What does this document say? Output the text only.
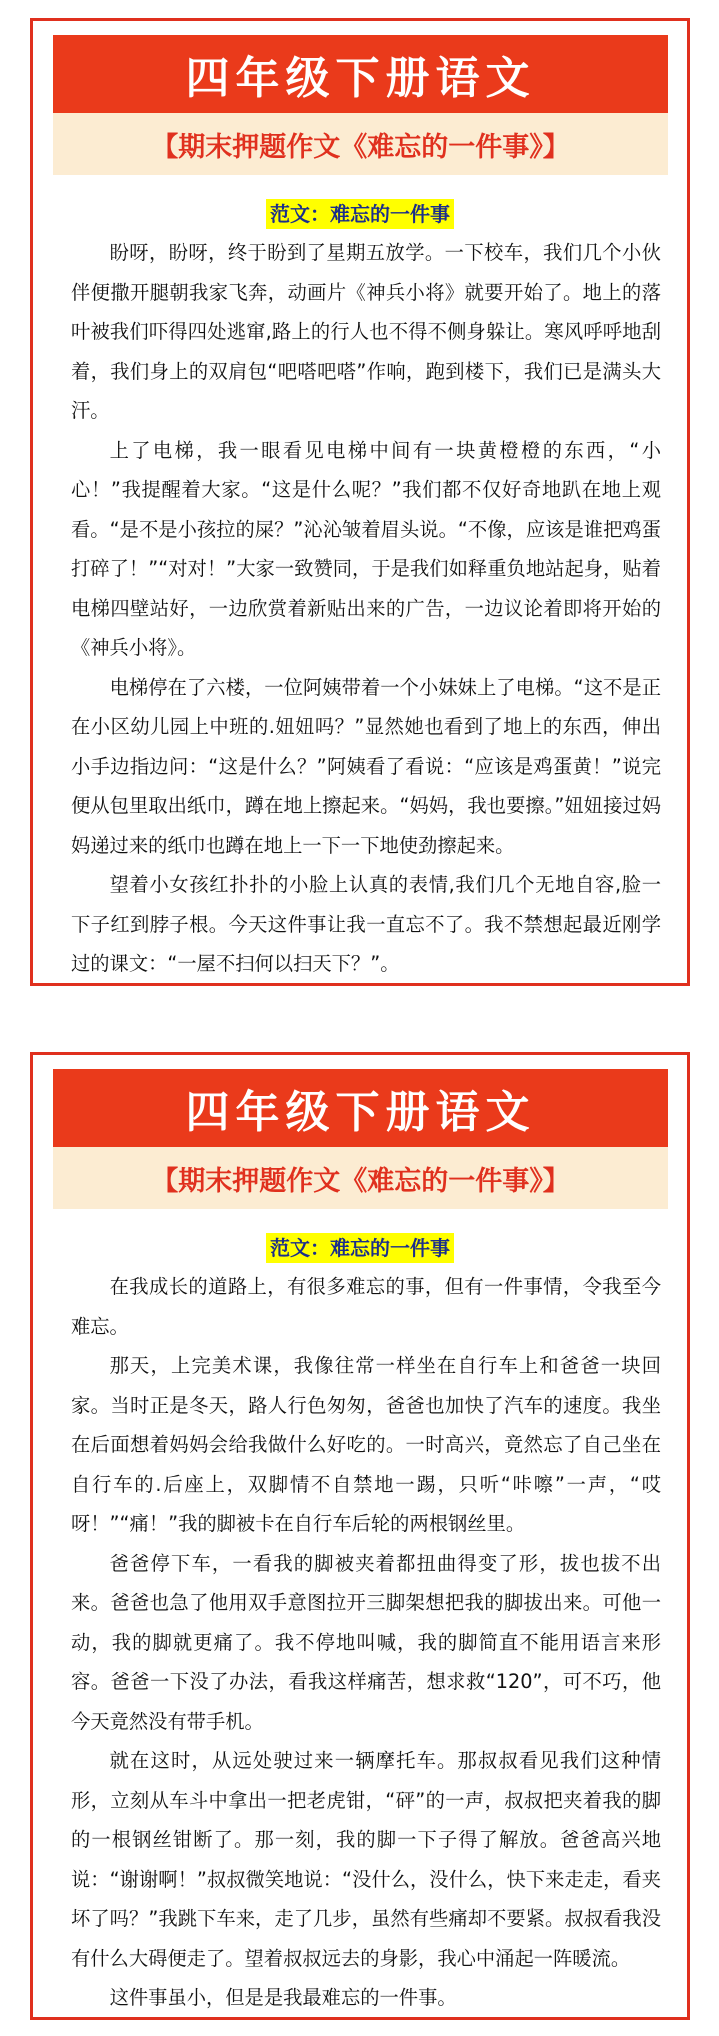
四年级下册语文
【期末押题作文《难忘的一件事》】
范文：难忘的一件事

盼呀，盼呀，终于盼到了星期五放学。一下校车，我们几个小伙伴便撒开腿朝我家飞奔，动画片《神兵小将》就要开始了。地上的落叶被我们吓得四处逃窜,路上的行人也不得不侧身躲让。寒风呼呼地刮着，我们身上的双肩包“吧嗒吧嗒”作响，跑到楼下，我们已是满头大汗。

上了电梯，我一眼看见电梯中间有一块黄橙橙的东西，“小心！”我提醒着大家。“这是什么呢？”我们都不仅好奇地趴在地上观看。“是不是小孩拉的屎？”沁沁皱着眉头说。“不像，应该是谁把鸡蛋打碎了！”“对对！”大家一致赞同，于是我们如释重负地站起身，贴着电梯四壁站好，一边欣赏着新贴出来的广告，一边议论着即将开始的《神兵小将》。

电梯停在了六楼，一位阿姨带着一个小妹妹上了电梯。“这不是正在小区幼儿园上中班的.妞妞吗？”显然她也看到了地上的东西，伸出小手边指边问：“这是什么？”阿姨看了看说：“应该是鸡蛋黄！”说完便从包里取出纸巾，蹲在地上擦起来。“妈妈，我也要擦。”妞妞接过妈妈递过来的纸巾也蹲在地上一下一下地使劲擦起来。

望着小女孩红扑扑的小脸上认真的表情,我们几个无地自容,脸一下子红到脖子根。今天这件事让我一直忘不了。我不禁想起最近刚学过的课文：“一屋不扫何以扫天下？”。

四年级下册语文
【期末押题作文《难忘的一件事》】
范文：难忘的一件事

在我成长的道路上，有很多难忘的事，但有一件事情，令我至今难忘。

那天，上完美术课，我像往常一样坐在自行车上和爸爸一块回家。当时正是冬天，路人行色匆匆，爸爸也加快了汽车的速度。我坐在后面想着妈妈会给我做什么好吃的。一时高兴，竟然忘了自己坐在自行车的.后座上，双脚情不自禁地一踢，只听“咔嚓”一声，“哎呀！”“痛！”我的脚被卡在自行车后轮的两根钢丝里。

爸爸停下车，一看我的脚被夹着都扭曲得变了形，拔也拔不出来。爸爸也急了他用双手意图拉开三脚架想把我的脚拔出来。可他一动，我的脚就更痛了。我不停地叫喊，我的脚简直不能用语言来形容。爸爸一下没了办法，看我这样痛苦，想求救“120”，可不巧，他今天竟然没有带手机。

就在这时，从远处驶过来一辆摩托车。那叔叔看见我们这种情形，立刻从车斗中拿出一把老虎钳，“砰”的一声，叔叔把夹着我的脚的一根钢丝钳断了。那一刻，我的脚一下子得了解放。爸爸高兴地说：“谢谢啊！”叔叔微笑地说：“没什么，没什么，快下来走走，看夹坏了吗？”我跳下车来，走了几步，虽然有些痛却不要紧。叔叔看我没有什么大碍便走了。望着叔叔远去的身影，我心中涌起一阵暖流。

这件事虽小，但是是我最难忘的一件事。
